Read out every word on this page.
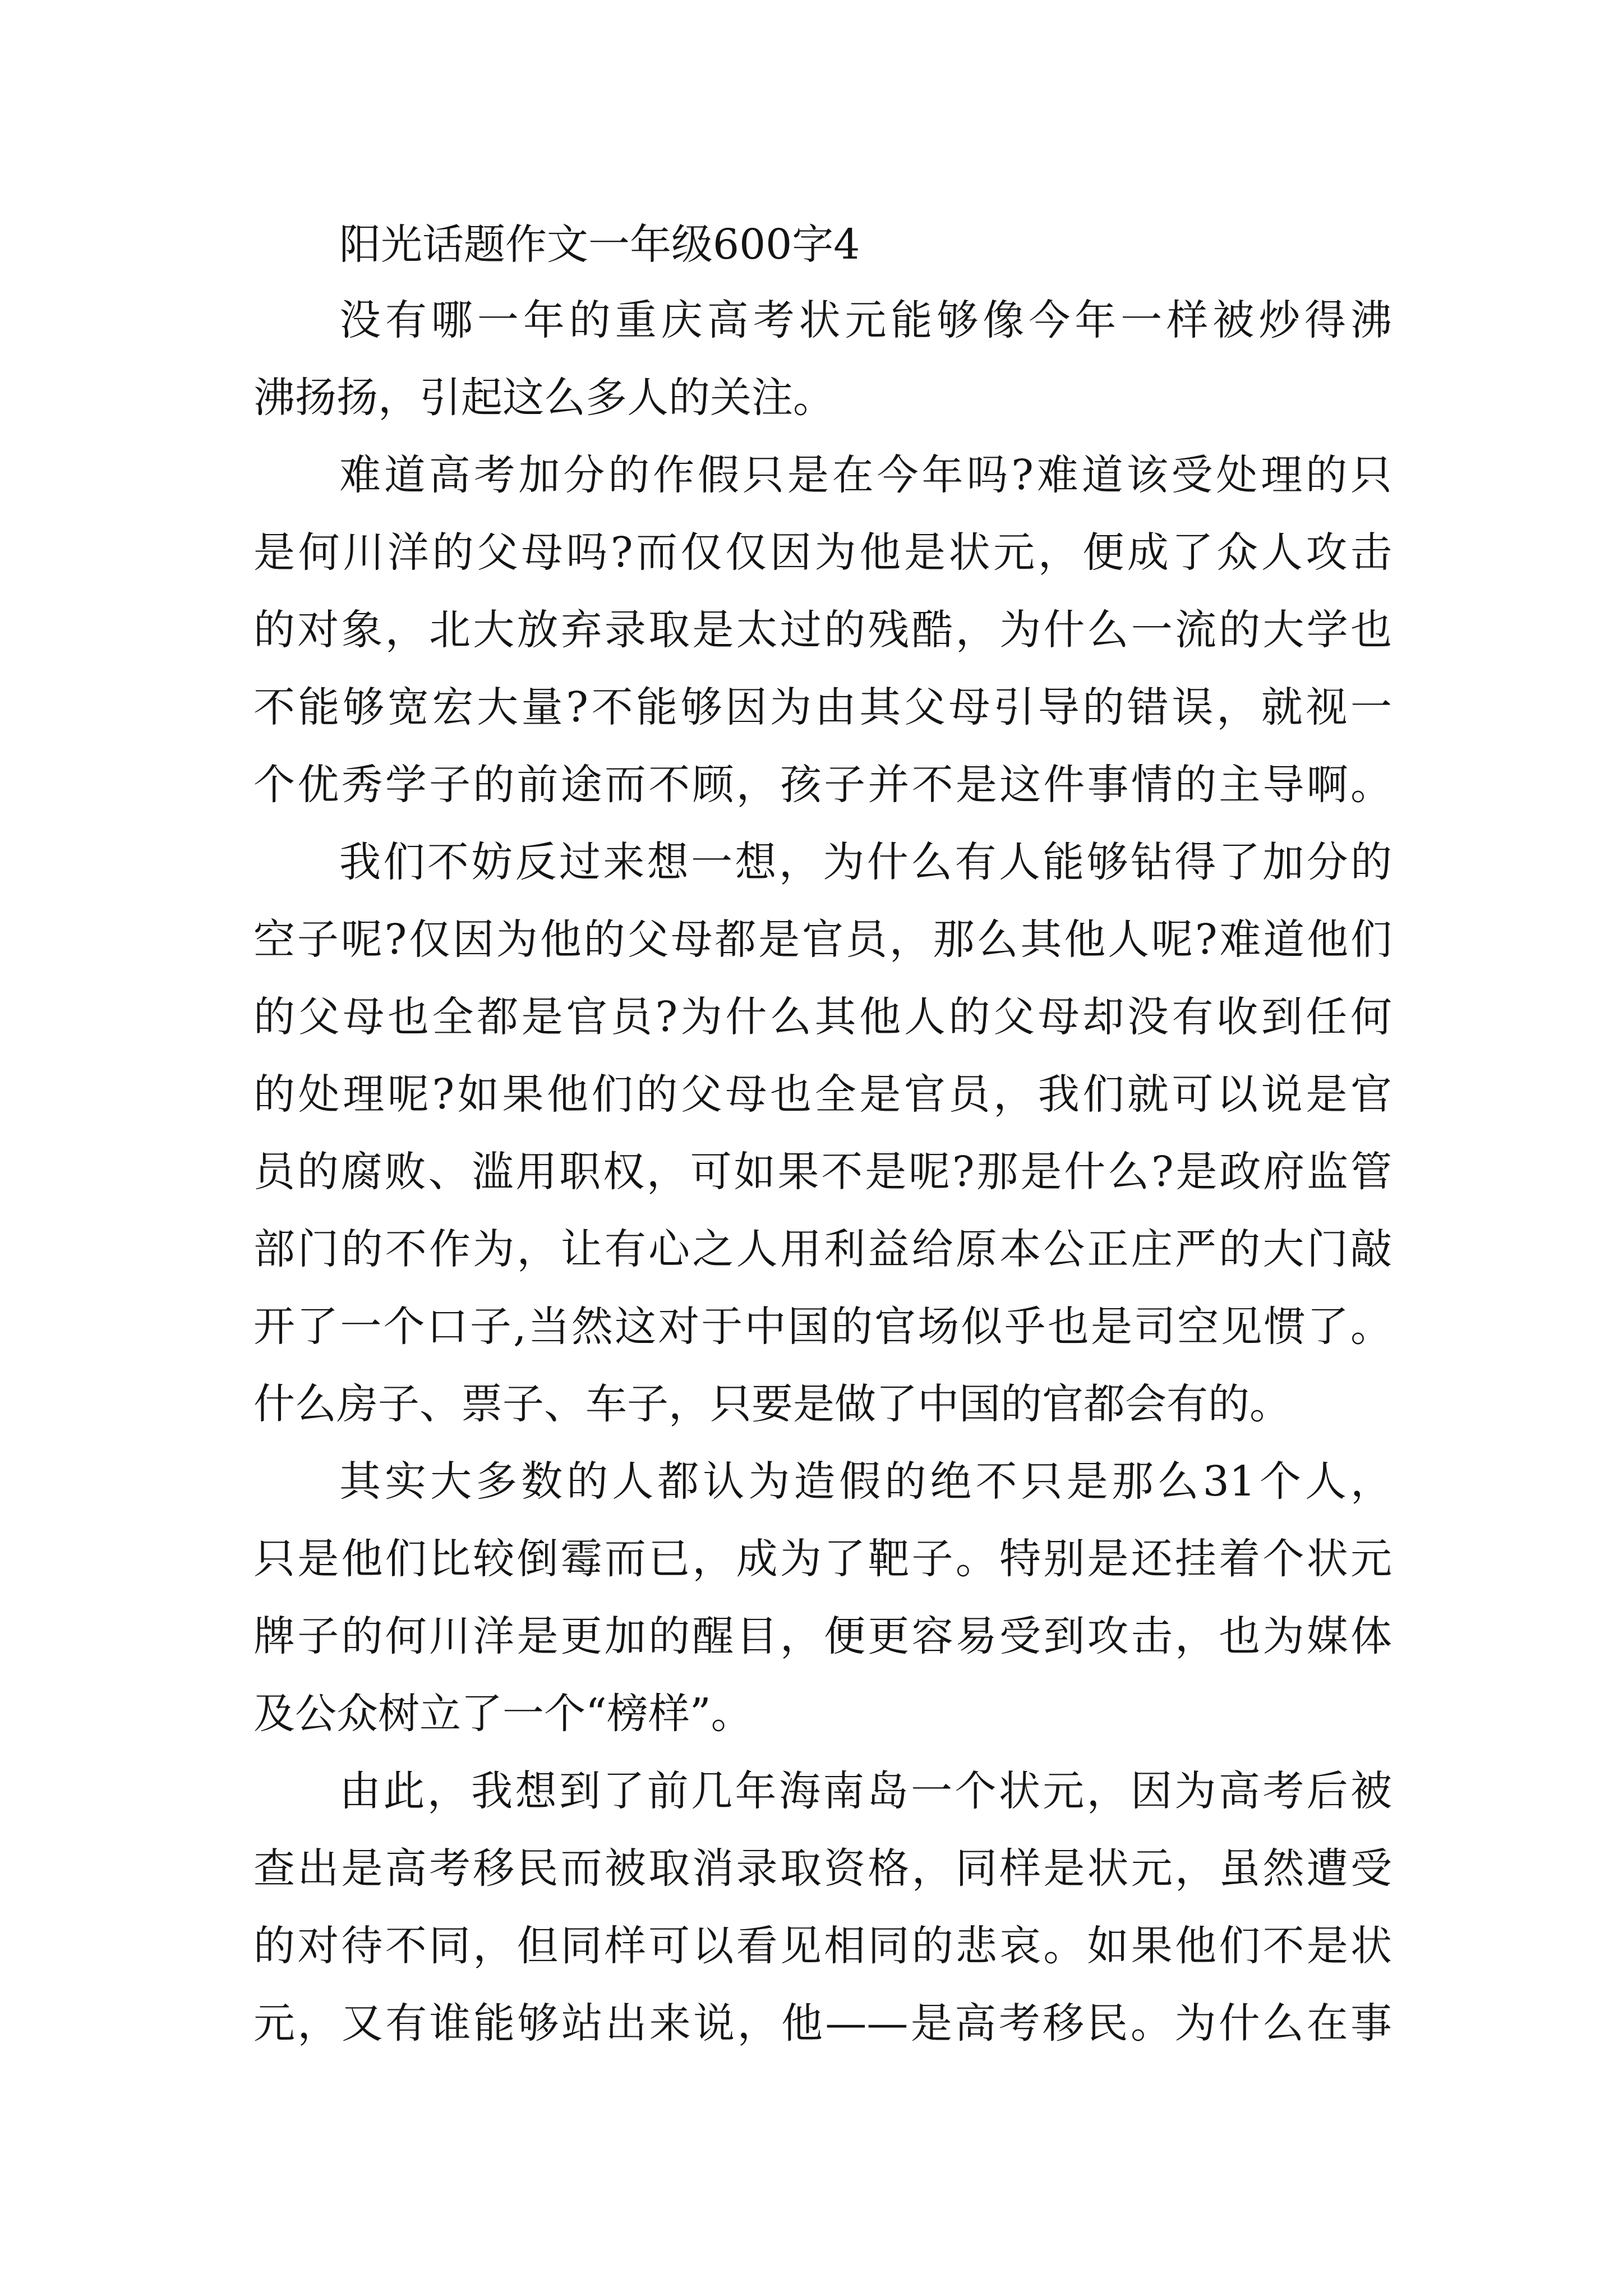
阳光话题作文一年级600字4
没有哪一年的重庆高考状元能够像今年一样被炒得沸
沸扬扬，引起这么多人的关注。
难道高考加分的作假只是在今年吗?难道该受处理的只
是何川洋的父母吗?而仅仅因为他是状元，便成了众人攻击
的对象，北大放弃录取是太过的残酷，为什么一流的大学也
不能够宽宏大量?不能够因为由其父母引导的错误，就视一
个优秀学子的前途而不顾，孩子并不是这件事情的主导啊。
我们不妨反过来想一想，为什么有人能够钻得了加分的
空子呢?仅因为他的父母都是官员，那么其他人呢?难道他们
的父母也全都是官员?为什么其他人的父母却没有收到任何
的处理呢?如果他们的父母也全是官员，我们就可以说是官
员的腐败、滥用职权，可如果不是呢?那是什么?是政府监管
部门的不作为，让有心之人用利益给原本公正庄严的大门敲
开了一个口子,当然这对于中国的官场似乎也是司空见惯了。
什么房子、票子、车子，只要是做了中国的官都会有的。
其实大多数的人都认为造假的绝不只是那么31个人，
只是他们比较倒霉而已，成为了靶子。特别是还挂着个状元
牌子的何川洋是更加的醒目，便更容易受到攻击，也为媒体
及公众树立了一个“榜样”。
由此，我想到了前几年海南岛一个状元，因为高考后被
查出是高考移民而被取消录取资格，同样是状元，虽然遭受
的对待不同，但同样可以看见相同的悲哀。如果他们不是状
元，又有谁能够站出来说，他——是高考移民。为什么在事
